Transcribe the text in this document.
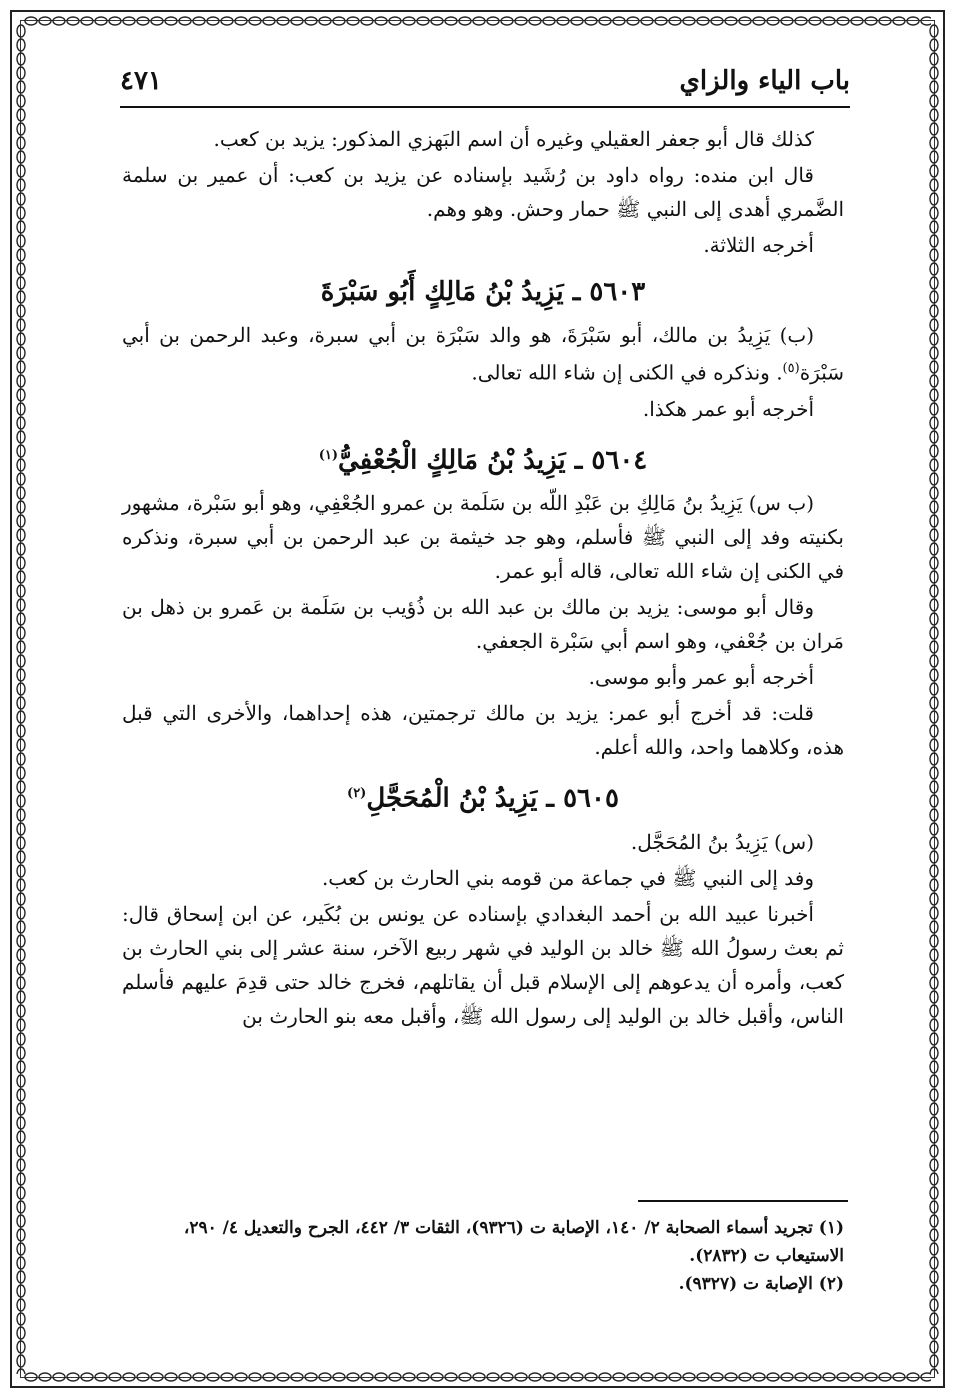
باب الياء والزاي
٤٧١

كذلك قال أبو جعفر العقيلي وغيره أن اسم البَهزي المذكور: يزيد بن كعب.

قال ابن منده: رواه داود بن رُشَيد بإسناده عن يزيد بن كعب: أن عمير بن سلمة الضَّمري أهدى إلى النبي ﷺ حمار وحش. وهو وهم.

أخرجه الثلاثة.

٥٦٠٣ ـ يَزِيدُ بْنُ مَالِكٍ أَبُو سَبْرَةَ

(ب) يَزِيدُ بن مالك، أبو سَبْرَةَ، هو والد سَبْرَة بن أبي سبرة، وعبد الرحمن بن أبي سَبْرَة$^{(٥)}$. ونذكره في الكنى إن شاء الله تعالى.

أخرجه أبو عمر هكذا.

٥٦٠٤ ـ يَزِيدُ بْنُ مَالِكٍ الْجُعْفِيُّ$^{(١)}$

(ب س) يَزِيدُ بنُ مَالِكِ بن عَبْدِ اللّه بن سَلَمة بن عمرو الجُعْفِي، وهو أبو سَبْرة، مشهور بكنيته وفد إلى النبي ﷺ فأسلم، وهو جد خيثمة بن عبد الرحمن بن أبي سبرة، ونذكره في الكنى إن شاء الله تعالى، قاله أبو عمر.

وقال أبو موسى: يزيد بن مالك بن عبد الله بن ذُؤيب بن سَلَمة بن عَمرو بن ذهل بن مَران بن جُعْفي، وهو اسم أبي سَبْرة الجعفي.

أخرجه أبو عمر وأبو موسى.

قلت: قد أخرج أبو عمر: يزيد بن مالك ترجمتين، هذه إحداهما، والأخرى التي قبل هذه، وكلاهما واحد، والله أعلم.

٥٦٠٥ ـ يَزِيدُ بْنُ الْمُحَجَّلِ$^{(٢)}$

(س) يَزِيدُ بنُ المُحَجَّل.

وفد إلى النبي ﷺ في جماعة من قومه بني الحارث بن كعب.

أخبرنا عبيد الله بن أحمد البغدادي بإسناده عن يونس بن بُكَير، عن ابن إسحاق قال: ثم بعث رسولُ الله ﷺ خالد بن الوليد في شهر ربيع الآخر، سنة عشر إلى بني الحارث بن كعب، وأمره أن يدعوهم إلى الإسلام قبل أن يقاتلهم، فخرج خالد حتى قدِمَ عليهم فأسلم الناس، وأقبل خالد بن الوليد إلى رسول الله ﷺ، وأقبل معه بنو الحارث بن

(١) تجريد أسماء الصحابة ٢/ ١٤٠، الإصابة ت (٩٣٢٦)، الثقات ٣/ ٤٤٢، الجرح والتعديل ٤/ ٢٩٠، الاستيعاب ت (٢٨٣٢).
(٢) الإصابة ت (٩٣٢٧).
